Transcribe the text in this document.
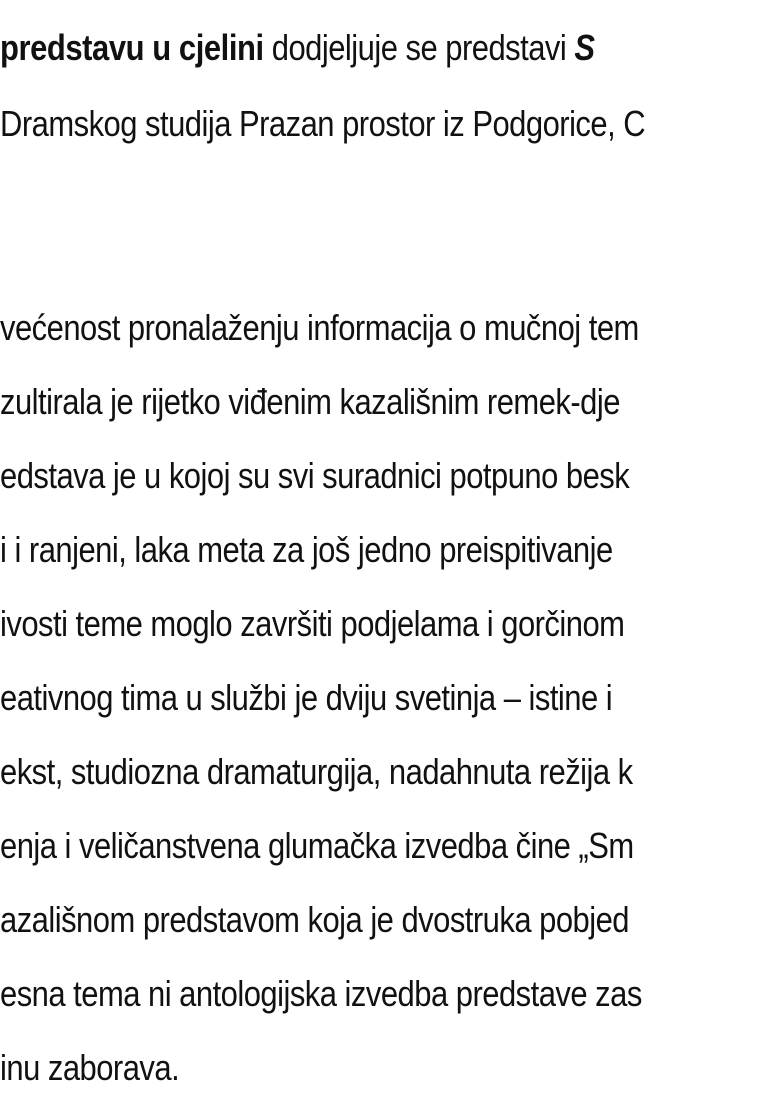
predstavu u cjelini dodjeljuje se predstavi S
Dramskog studija Prazan prostor iz Podgorice, C
većenost pronalaženju informacija o mučnoj tem
zultirala je rijetko viđenim kazališnim remek-dje
edstava je u kojoj su svi suradnici potpuno besk
i i ranjeni, laka meta za još jedno preispitivanje
ivosti teme moglo završiti podjelama i gorčinom
eativnog tima u službi je dviju svetinja – istine i
ekst, studiozna dramaturgija, nadahnuta režija k
enja i veličanstvena glumačka izvedba čine „Sm
azališnom predstavom koja je dvostruka pobjed
esna tema ni antologijska izvedba predstave zas
inu zaborava.
